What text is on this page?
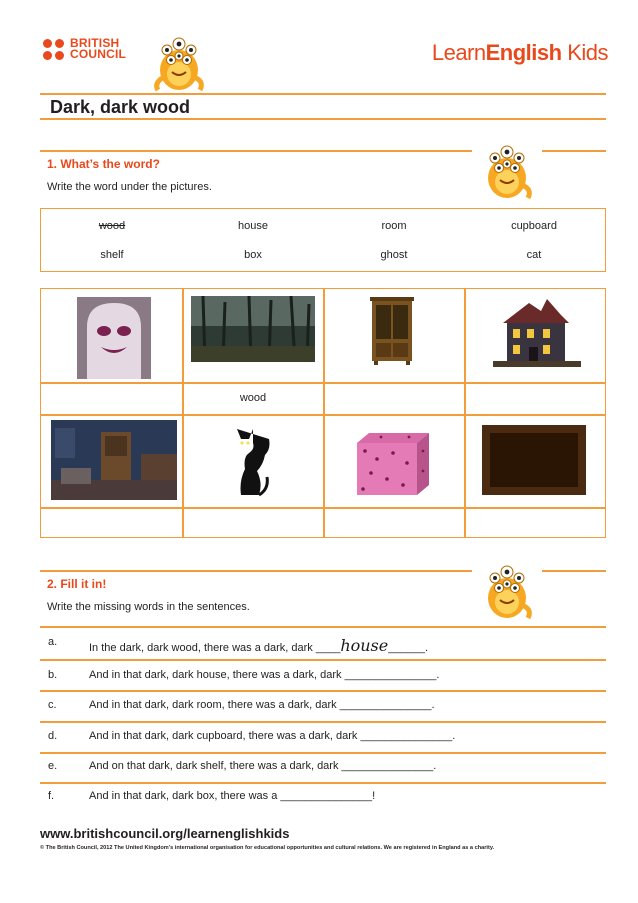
BRITISH
COUNCIL	LearnEnglish Kids
Dark, dark wood
1. What’s the word?
Write the word under the pictures.
wood	house	room	cupboard
shelf	box	ghost	cat
wood
2. Fill it in!
Write the missing words in the sentences.
a.	In the dark, dark wood, there was a dark, dark ____house______.
b.	And in that dark, dark house, there was a dark, dark _______________.
c.	And in that dark, dark room, there was a dark, dark _______________.
d.	And in that dark, dark cupboard, there was a dark, dark _______________.
e.	And on that dark, dark shelf, there was a dark, dark _______________.
f.	And in that dark, dark box, there was a _______________!
www.britishcouncil.org/learnenglishkids
© The British Council, 2012 The United Kingdom’s international organisation for educational opportunities and cultural relations. We are registered in England as a charity.
